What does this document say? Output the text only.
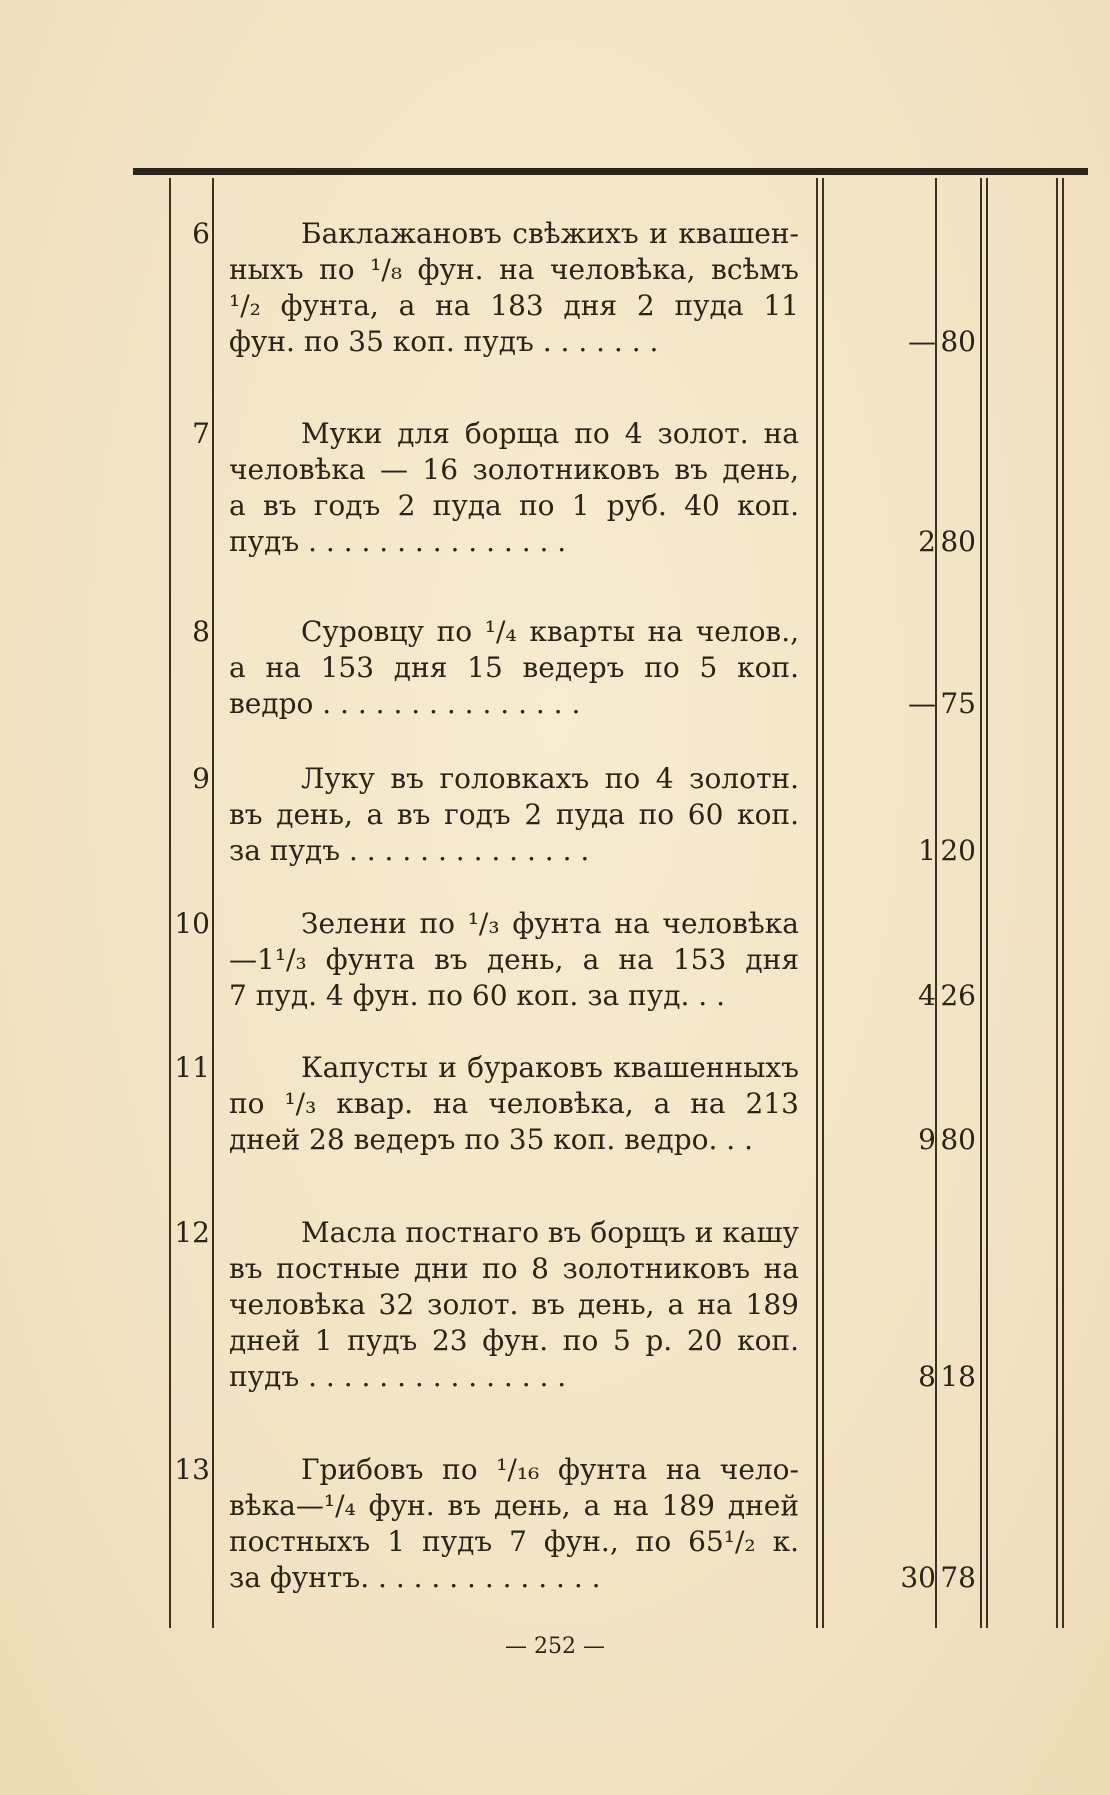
6	Баклажановъ свѣжихъ и квашен-
ныхъ по ¹/₈ фун. на человѣка, всѣмъ
¹/₂ фунта, а на 183 дня 2 пуда 11
фун. по 35 коп. пудъ . . . . . . .	— 80
7	Муки для борща по 4 золот. на
человѣка — 16 золотниковъ въ день,
а въ годъ 2 пуда по 1 руб. 40 коп.
пудъ . . . . . . . . . . . . . . .	2 80
8	Суровцу по ¹/₄ кварты на челов.,
а на 153 дня 15 ведеръ по 5 коп.
ведро . . . . . . . . . . . . . . .	— 75
9	Луку въ головкахъ по 4 золотн.
въ день, а въ годъ 2 пуда по 60 коп.
за пудъ . . . . . . . . . . . . . .	1 20
10	Зелени по ¹/₃ фунта на человѣка
—1¹/₃ фунта въ день, а на 153 дня
7 пуд. 4 фун. по 60 коп. за пуд. . .	4 26
11	Капусты и бураковъ квашенныхъ
по ¹/₃ квар. на человѣка, а на 213
дней 28 ведеръ по 35 коп. ведро. . .	9 80
12	Масла постнаго въ борщъ и кашу
въ постные дни по 8 золотниковъ на
человѣка 32 золот. въ день, а на 189
дней 1 пудъ 23 фун. по 5 р. 20 коп.
пудъ . . . . . . . . . . . . . . .	8 18
13	Грибовъ по ¹/₁₆ фунта на чело-
вѣка—¹/₄ фун. въ день, а на 189 дней
постныхъ 1 пудъ 7 фун., по 65¹/₂ к.
за фунтъ. . . . . . . . . . . . . .	30 78
— 252 —
